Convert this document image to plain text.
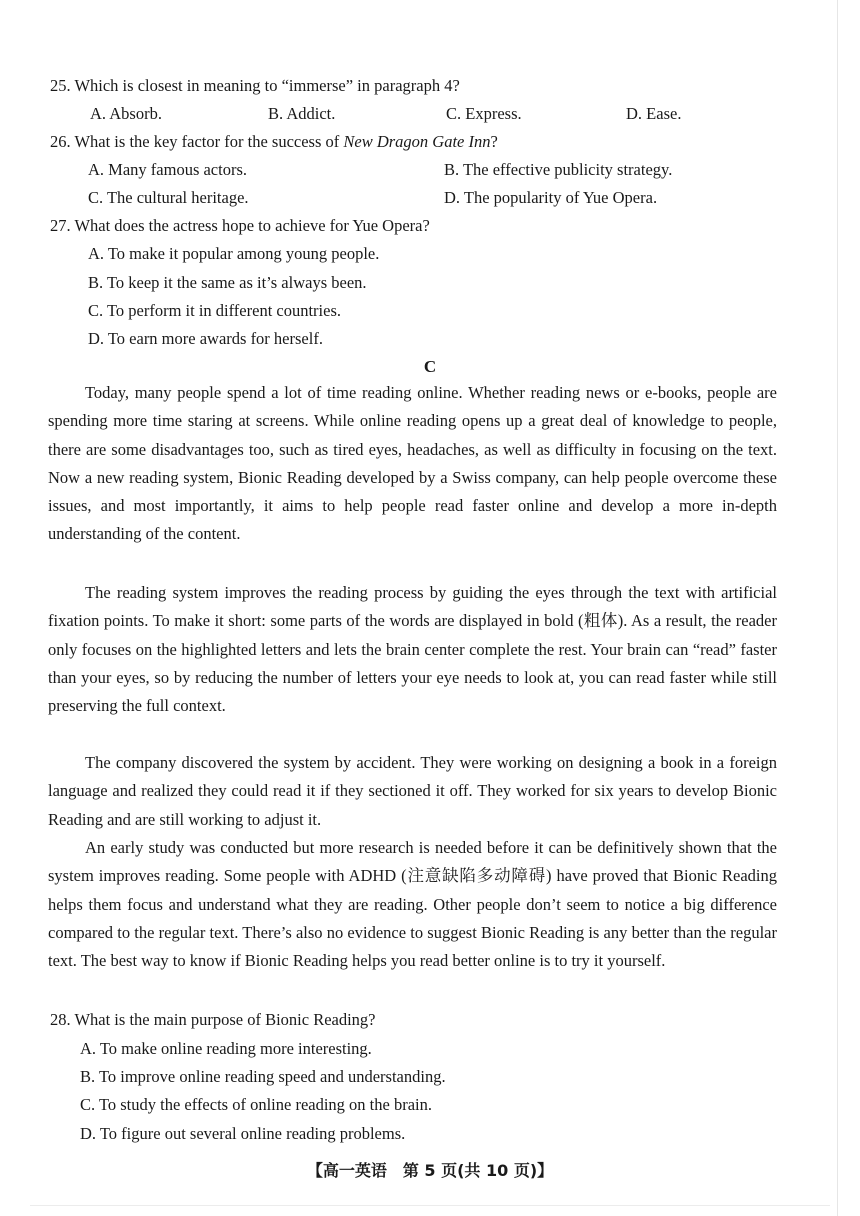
25. Which is closest in meaning to “immerse” in paragraph 4?
A. Absorb.	B. Addict.	C. Express.	D. Ease.
26. What is the key factor for the success of New Dragon Gate Inn?
A. Many famous actors.	B. The effective publicity strategy.
C. The cultural heritage.	D. The popularity of Yue Opera.
27. What does the actress hope to achieve for Yue Opera?
A. To make it popular among young people.
B. To keep it the same as it’s always been.
C. To perform it in different countries.
D. To earn more awards for herself.
C

Today, many people spend a lot of time reading online. Whether reading news or e-books, people are spending more time staring at screens. While online reading opens up a great deal of knowledge to people, there are some disadvantages too, such as tired eyes, headaches, as well as difficulty in focusing on the text. Now a new reading system, Bionic Reading developed by a Swiss company, can help people overcome these issues, and most importantly, it aims to help people read faster online and develop a more in-depth understanding of the content.

The reading system improves the reading process by guiding the eyes through the text with artificial fixation points. To make it short: some parts of the words are displayed in bold (粗体). As a result, the reader only focuses on the highlighted letters and lets the brain center complete the rest. Your brain can “read” faster than your eyes, so by reducing the number of letters your eye needs to look at, you can read faster while still preserving the full context.

The company discovered the system by accident. They were working on designing a book in a foreign language and realized they could read it if they sectioned it off. They worked for six years to develop Bionic Reading and are still working to adjust it.

An early study was conducted but more research is needed before it can be definitively shown that the system improves reading. Some people with ADHD (注意缺陷多动障碍) have proved that Bionic Reading helps them focus and understand what they are reading. Other people don’t seem to notice a big difference compared to the regular text. There’s also no evidence to suggest Bionic Reading is any better than the regular text. The best way to know if Bionic Reading helps you read better online is to try it yourself.

28. What is the main purpose of Bionic Reading?
A. To make online reading more interesting.
B. To improve online reading speed and understanding.
C. To study the effects of online reading on the brain.
D. To figure out several online reading problems.
【高一英语　第 5 页(共 10 页)】
